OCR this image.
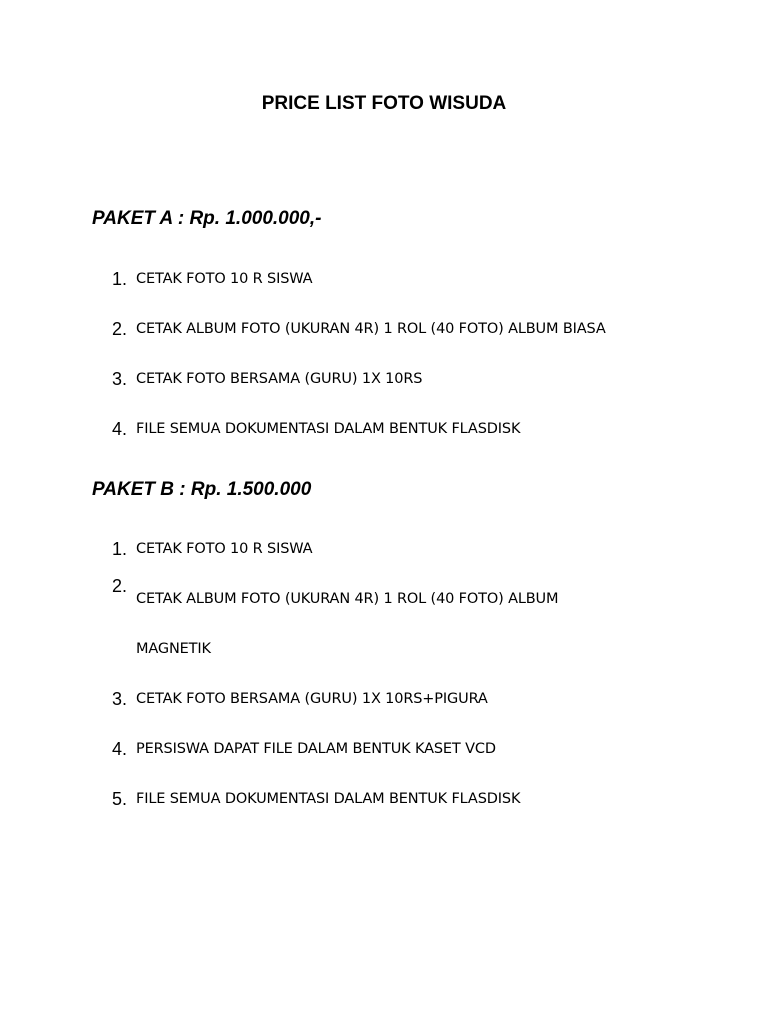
PRICE LIST FOTO WISUDA
PAKET A : Rp. 1.000.000,-
1. CETAK FOTO 10 R SISWA
2. CETAK ALBUM FOTO (UKURAN 4R) 1 ROL (40 FOTO) ALBUM BIASA
3. CETAK FOTO BERSAMA (GURU) 1X 10RS
4. FILE SEMUA DOKUMENTASI DALAM BENTUK FLASDISK
PAKET B : Rp. 1.500.000
1. CETAK FOTO 10 R SISWA
2.
CETAK ALBUM FOTO (UKURAN 4R) 1 ROL (40 FOTO) ALBUM MAGNETIK
3. CETAK FOTO BERSAMA (GURU) 1X 10RS+PIGURA
4. PERSISWA DAPAT FILE DALAM BENTUK KASET VCD
5. FILE SEMUA DOKUMENTASI DALAM BENTUK FLASDISK
